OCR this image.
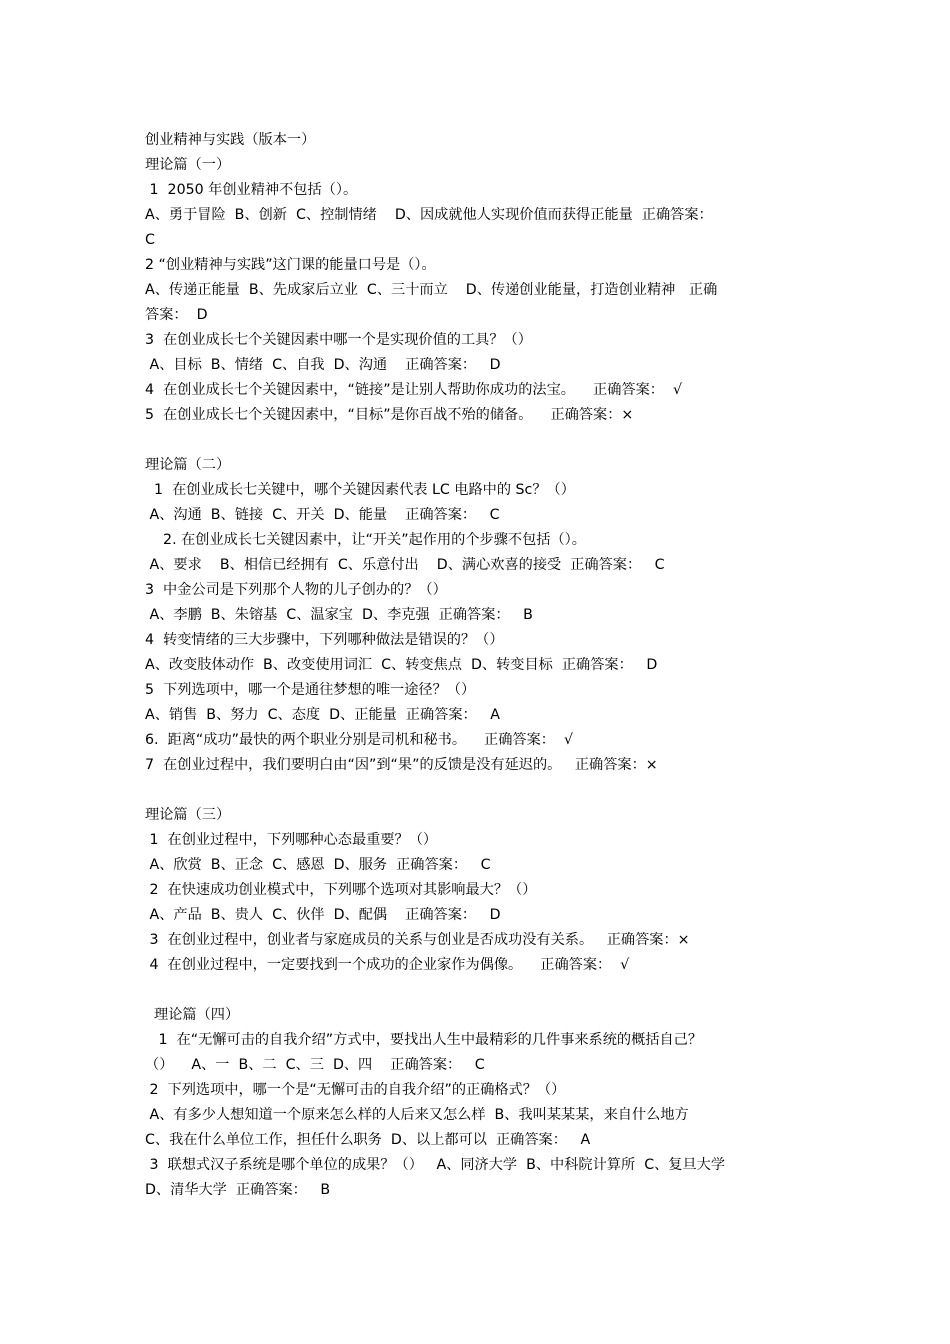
创业精神与实践（版本一）
理论篇（一）
1  2050 年创业精神不包括（）。
A、勇于冒险  B、创新  C、控制情绪    D、因成就他人实现价值而获得正能量  正确答案：
C
2 “创业精神与实践”这门课的能量口号是（）。
A、传递正能量  B、先成家后立业  C、三十而立    D、传递创业能量，打造创业精神   正确
答案：  D
3  在创业成长七个关键因素中哪一个是实现价值的工具？（）
A、目标  B、情绪  C、自我  D、沟通    正确答案：   D
4  在创业成长七个关键因素中，“链接”是让别人帮助你成功的法宝。    正确答案：  √
5  在创业成长七个关键因素中，“目标”是你百战不殆的储备。    正确答案：×
理论篇（二）
1  在创业成长七关键中，哪个关键因素代表 LC 电路中的 Sc？（）
A、沟通  B、链接  C、开关  D、能量    正确答案：   C
2. 在创业成长七关键因素中，让“开关”起作用的个步骤不包括（）。
A、要求    B、相信已经拥有  C、乐意付出    D、满心欢喜的接受  正确答案：   C
3  中金公司是下列那个人物的儿子创办的？（）
A、李鹏  B、朱镕基  C、温家宝  D、李克强  正确答案：   B
4  转变情绪的三大步骤中，下列哪种做法是错误的？（）
A、改变肢体动作  B、改变使用词汇  C、转变焦点  D、转变目标  正确答案：   D
5  下列选项中，哪一个是通往梦想的唯一途径？（）
A、销售  B、努力  C、态度  D、正能量  正确答案：   A
6.  距离“成功”最快的两个职业分别是司机和秘书。    正确答案：  √
7  在创业过程中，我们要明白由“因”到“果”的反馈是没有延迟的。   正确答案：×
理论篇（三）
1  在创业过程中，下列哪种心态最重要？（）
A、欣赏  B、正念  C、感恩  D、服务  正确答案：   C
2  在快速成功创业模式中，下列哪个选项对其影响最大？（）
A、产品  B、贵人  C、伙伴  D、配偶    正确答案：   D
3  在创业过程中，创业者与家庭成员的关系与创业是否成功没有关系。   正确答案：×
4  在创业过程中，一定要找到一个成功的企业家作为偶像。    正确答案：  √
理论篇（四）
1  在“无懈可击的自我介绍”方式中，要找出人生中最精彩的几件事来系统的概括自己？
（）    A、一  B、二  C、三  D、四    正确答案：   C
2  下列选项中，哪一个是“无懈可击的自我介绍”的正确格式？（）
A、有多少人想知道一个原来怎么样的人后来又怎么样  B、我叫某某某，来自什么地方
C、我在什么单位工作，担任什么职务  D、以上都可以  正确答案：   A
3  联想式汉子系统是哪个单位的成果？（）   A、同济大学  B、中科院计算所  C、复旦大学
D、清华大学  正确答案：   B
